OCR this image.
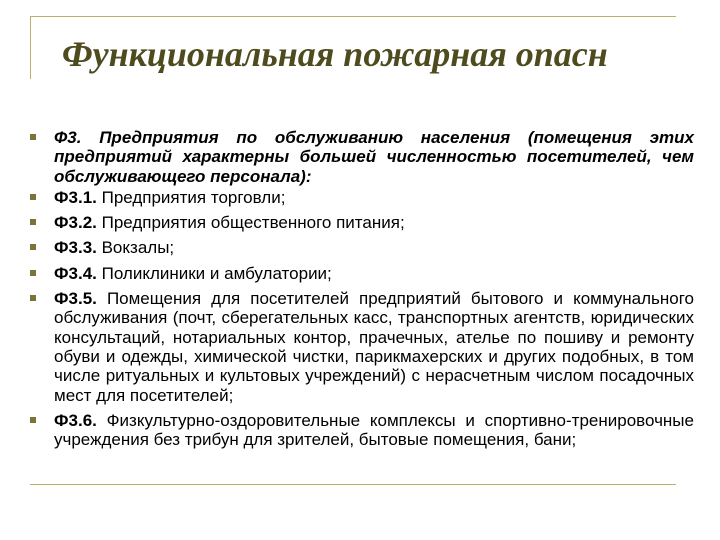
Функциональная пожарная опасн
Ф3. Предприятия по обслуживанию населения (помещения этих предприятий характерны большей численностью посетителей, чем обслуживающего персонала):
Ф3.1. Предприятия торговли;
Ф3.2. Предприятия общественного питания;
Ф3.3. Вокзалы;
Ф3.4. Поликлиники и амбулатории;
Ф3.5. Помещения для посетителей предприятий бытового и коммунального обслуживания (почт, сберегательных касс, транспортных агентств, юридических консультаций, нотариальных контор, прачечных, ателье по пошиву и ремонту обуви и одежды, химической чистки, парикмахерских и других подобных, в том числе ритуальных и культовых учреждений) с нерасчетным числом посадочных мест для посетителей;
Ф3.6. Физкультурно-оздоровительные комплексы и спортивно-тренировочные учреждения без трибун для зрителей, бытовые помещения, бани;
